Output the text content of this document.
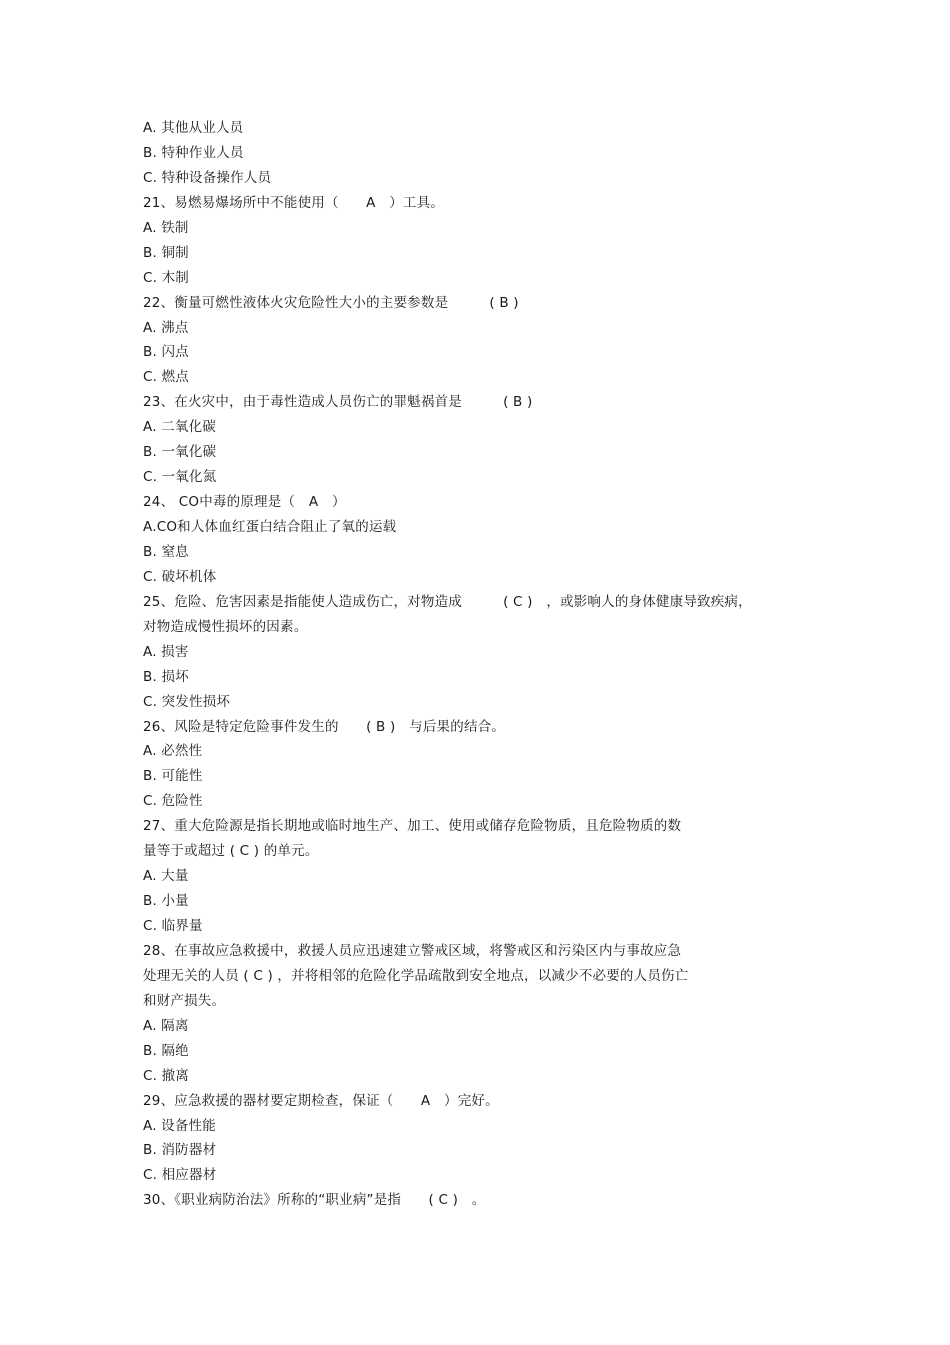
A. 其他从业人员
B. 特种作业人员
C. 特种设备操作人员
21、易燃易爆场所中不能使用（　　A　）工具。
A. 铁制
B. 铜制
C. 木制
22、衡量可燃性液体火灾危险性大小的主要参数是　　　( B )
A. 沸点
B. 闪点
C. 燃点
23、在火灾中，由于毒性造成人员伤亡的罪魁祸首是　　　( B )
A. 二氧化碳
B. 一氧化碳
C. 一氧化氮
24、 CO中毒的原理是（　A　）
A.CO和人体血红蛋白结合阻止了氧的运载
B. 窒息
C. 破坏机体
25、危险、危害因素是指能使人造成伤亡，对物造成　　　( C )　，或影响人的身体健康导致疾病，
对物造成慢性损坏的因素。
A. 损害
B. 损坏
C. 突发性损坏
26、风险是特定危险事件发生的　　( B )　与后果的结合。
A. 必然性
B. 可能性
C. 危险性
27、重大危险源是指长期地或临时地生产、加工、使用或储存危险物质，且危险物质的数
量等于或超过 ( C ) 的单元。
A. 大量
B. 小量
C. 临界量
28、在事故应急救援中，救援人员应迅速建立警戒区域，将警戒区和污染区内与事故应急
处理无关的人员 ( C ) ，并将相邻的危险化学品疏散到安全地点，以减少不必要的人员伤亡
和财产损失。
A. 隔离
B. 隔绝
C. 撤离
29、应急救援的器材要定期检查，保证（　　A　）完好。
A. 设备性能
B. 消防器材
C. 相应器材
30、《职业病防治法》所称的“职业病”是指　　( C )　。
